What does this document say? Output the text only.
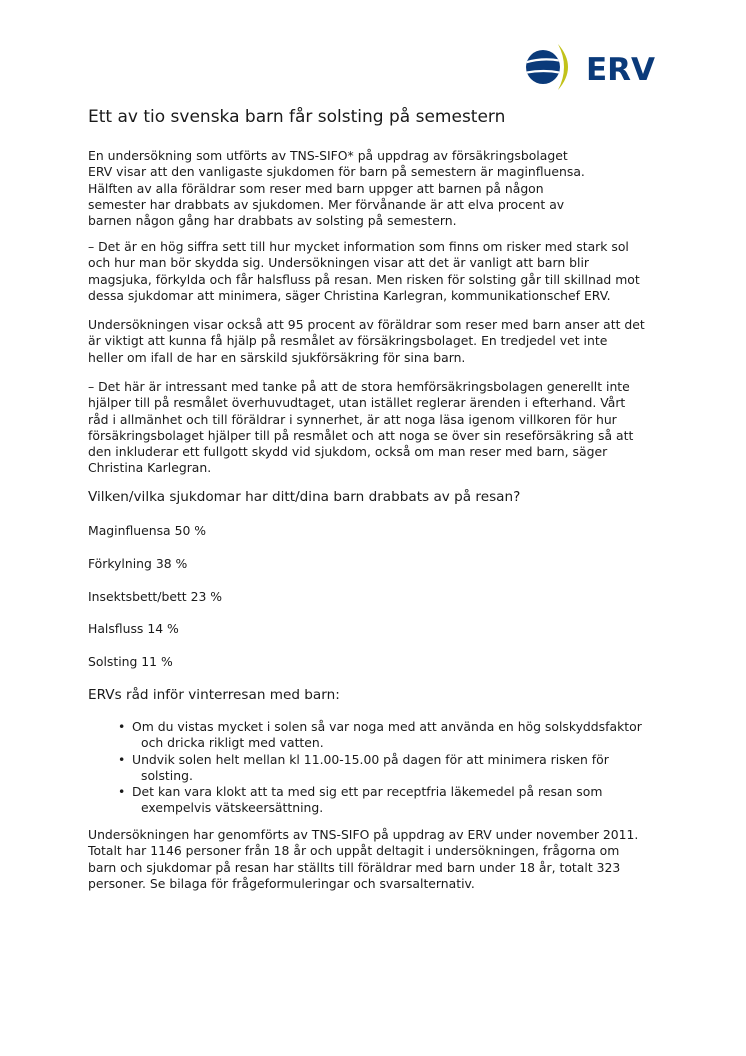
ERV
Ett av tio svenska barn får solsting på semestern
En undersökning som utförts av TNS-SIFO* på uppdrag av försäkringsbolaget
ERV visar att den vanligaste sjukdomen för barn på semestern är maginfluensa.
Hälften av alla föräldrar som reser med barn uppger att barnen på någon
semester har drabbats av sjukdomen. Mer förvånande är att elva procent av
barnen någon gång har drabbats av solsting på semestern.
– Det är en hög siffra sett till hur mycket information som finns om risker med stark sol
och hur man bör skydda sig. Undersökningen visar att det är vanligt att barn blir
magsjuka, förkylda och får halsfluss på resan. Men risken för solsting går till skillnad mot
dessa sjukdomar att minimera, säger Christina Karlegran, kommunikationschef ERV.
Undersökningen visar också att 95 procent av föräldrar som reser med barn anser att det
är viktigt att kunna få hjälp på resmålet av försäkringsbolaget. En tredjedel vet inte
heller om ifall de har en särskild sjukförsäkring för sina barn.
– Det här är intressant med tanke på att de stora hemförsäkringsbolagen generellt inte
hjälper till på resmålet överhuvudtaget, utan istället reglerar ärenden i efterhand. Vårt
råd i allmänhet och till föräldrar i synnerhet, är att noga läsa igenom villkoren för hur
försäkringsbolaget hjälper till på resmålet och att noga se över sin reseförsäkring så att
den inkluderar ett fullgott skydd vid sjukdom, också om man reser med barn, säger
Christina Karlegran.
Vilken/vilka sjukdomar har ditt/dina barn drabbats av på resan?
Maginfluensa 50 %
Förkylning 38 %
Insektsbett/bett 23 %
Halsfluss 14 %
Solsting 11 %
ERVs råd inför vinterresan med barn:
• Om du vistas mycket i solen så var noga med att använda en hög solskyddsfaktor
och dricka rikligt med vatten.
• Undvik solen helt mellan kl 11.00-15.00 på dagen för att minimera risken för
solsting.
• Det kan vara klokt att ta med sig ett par receptfria läkemedel på resan som
exempelvis vätskeersättning.
Undersökningen har genomförts av TNS-SIFO på uppdrag av ERV under november 2011.
Totalt har 1146 personer från 18 år och uppåt deltagit i undersökningen, frågorna om
barn och sjukdomar på resan har ställts till föräldrar med barn under 18 år, totalt 323
personer. Se bilaga för frågeformuleringar och svarsalternativ.
